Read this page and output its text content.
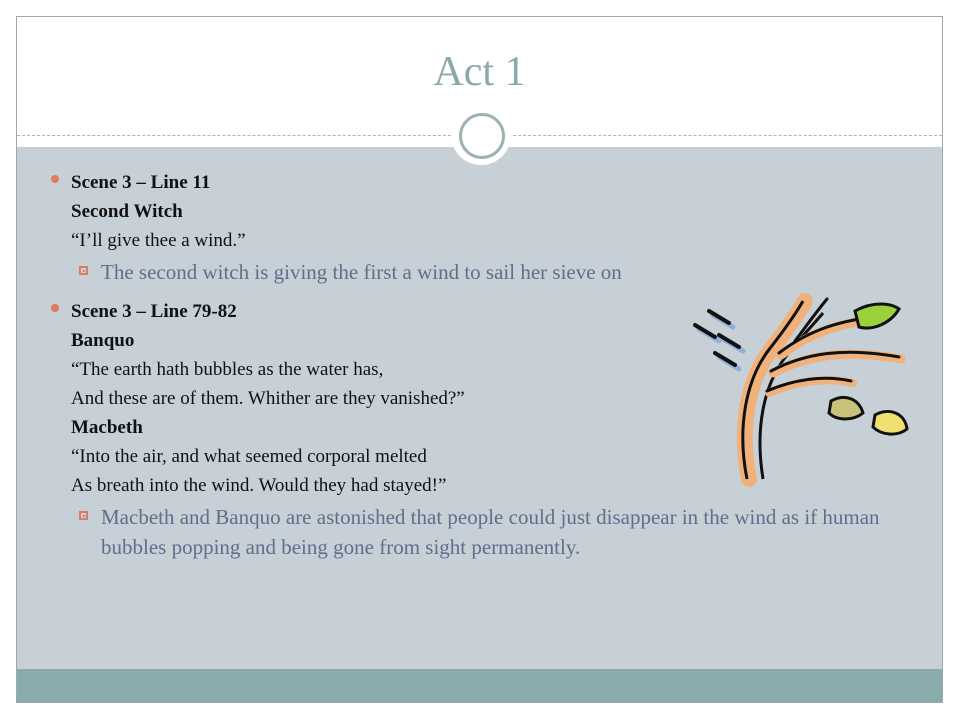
Act 1
Scene 3 – Line 11
Second Witch
“I’ll give thee a wind.”
The second witch is giving the first a wind to sail her sieve on
Scene 3 – Line 79-82
Banquo
“The earth hath bubbles as the water has,
And these are of them. Whither are they vanished?”
Macbeth
“Into the air, and what seemed corporal melted
As breath into the wind. Would they had stayed!”
Macbeth and Banquo are astonished that people could just disappear in the wind as if human bubbles popping and being gone from sight permanently.
